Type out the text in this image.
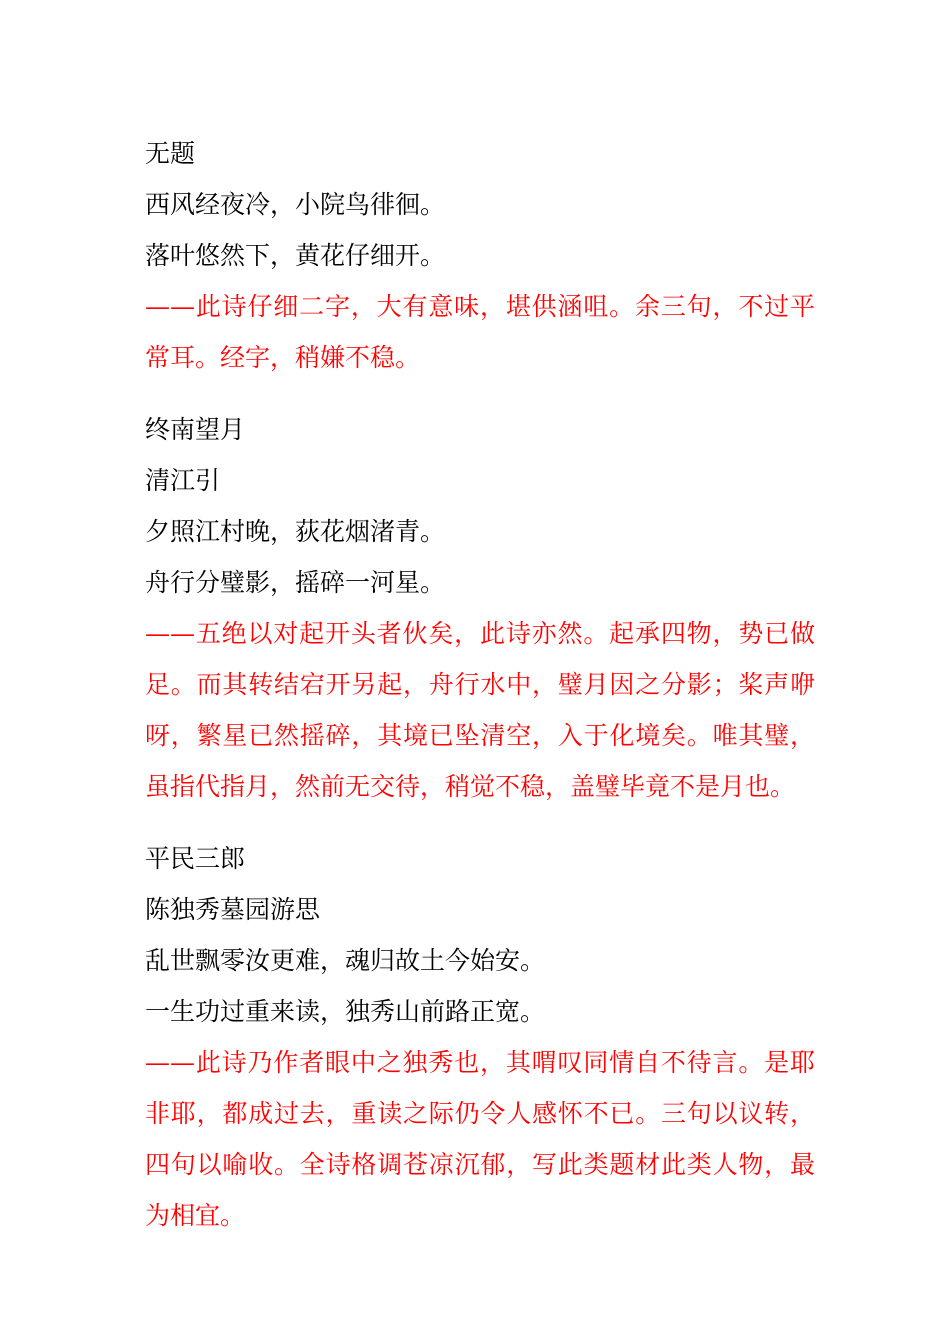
无题
西风经夜冷，小院鸟徘徊。
落叶悠然下，黄花仔细开。
——此诗仔细二字，大有意味，堪供涵咀。余三句，不过平常耳。经字，稍嫌不稳。
终南望月
清江引
夕照江村晚，荻花烟渚青。
舟行分璧影，摇碎一河星。
——五绝以对起开头者伙矣，此诗亦然。起承四物，势已做足。而其转结宕开另起，舟行水中，璧月因之分影；桨声咿呀，繁星已然摇碎，其境已坠清空，入于化境矣。唯其璧，虽指代指月，然前无交待，稍觉不稳，盖璧毕竟不是月也。
平民三郎
陈独秀墓园游思
乱世飘零汝更难，魂归故土今始安。
一生功过重来读，独秀山前路正宽。
——此诗乃作者眼中之独秀也，其喟叹同情自不待言。是耶非耶，都成过去，重读之际仍令人感怀不已。三句以议转，四句以喻收。全诗格调苍凉沉郁，写此类题材此类人物，最为相宜。
